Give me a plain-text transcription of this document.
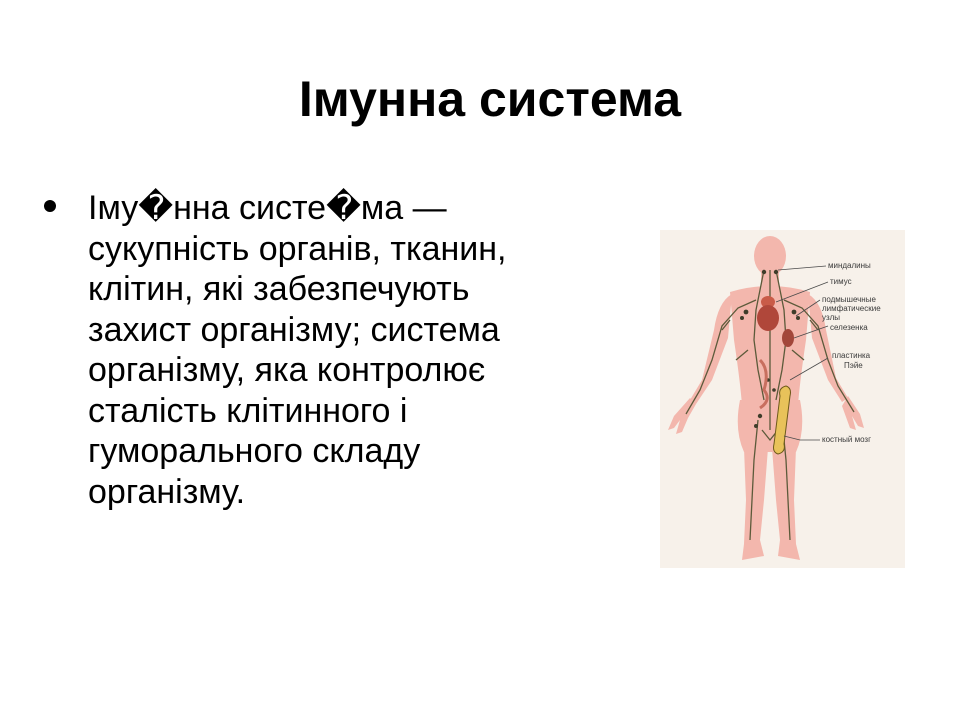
Імунна система

Іму�нна систе�ма —
сукупність органів, тканин,
клітин, які забезпечують
захист організму; система
організму, яка контролює
сталість клітинного і
гуморального складу
організму.

миндалины
тимус
подмышечные
лимфатические
узлы
селезенка
пластинка
Пэйе
костный мозг
